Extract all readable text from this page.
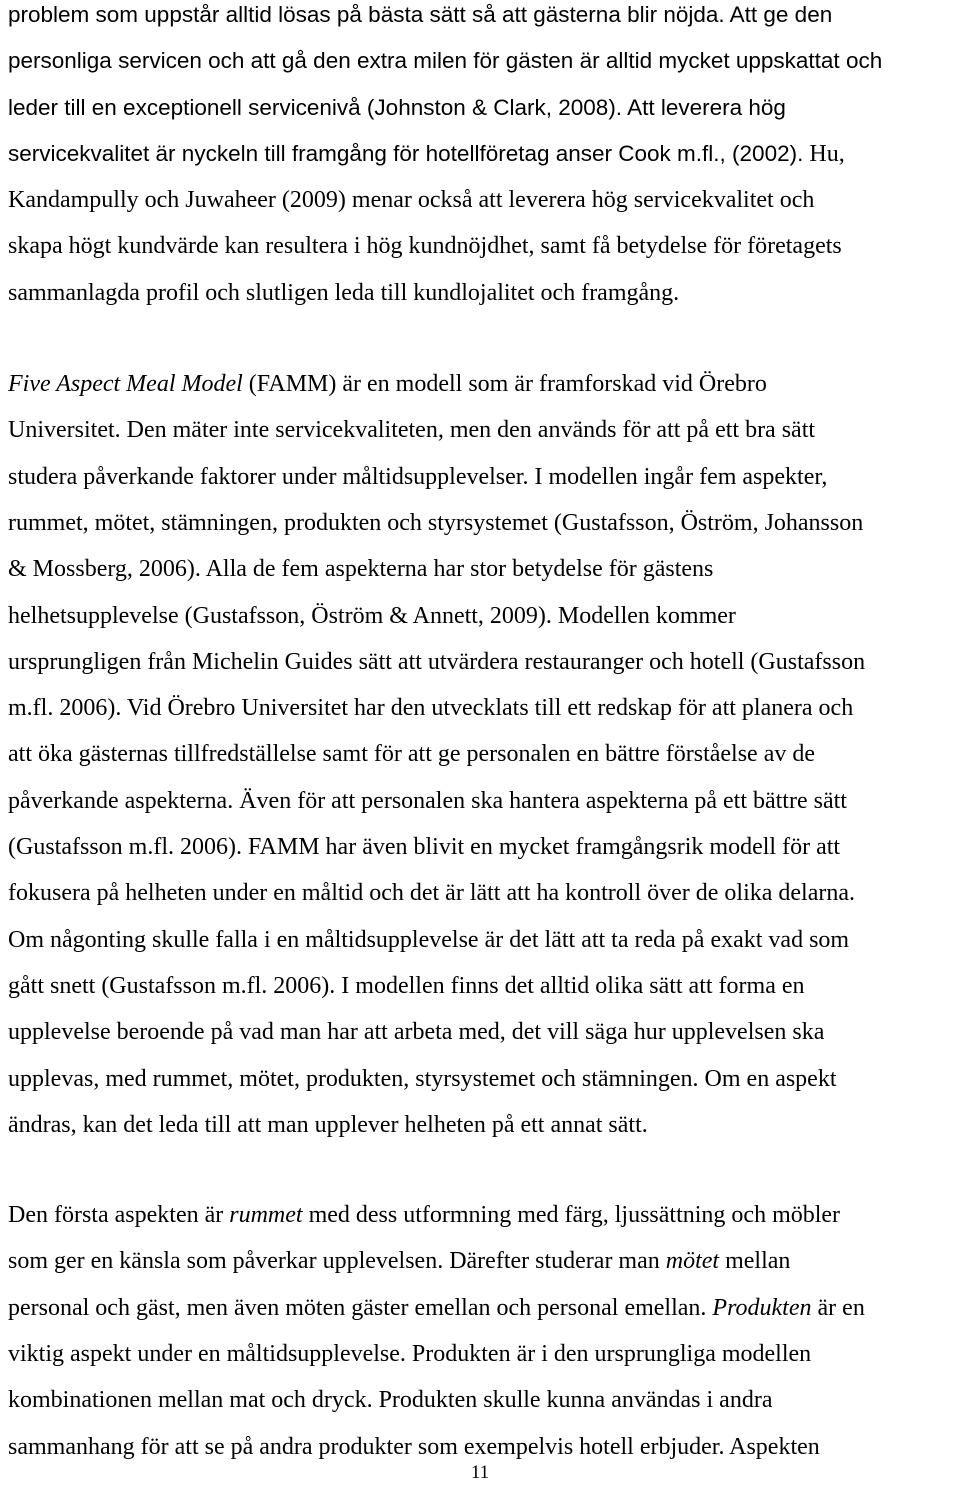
problem som uppstår alltid lösas på bästa sätt så att gästerna blir nöjda. Att ge den
personliga servicen och att gå den extra milen för gästen är alltid mycket uppskattat och
leder till en exceptionell servicenivå (Johnston & Clark, 2008). Att leverera hög
servicekvalitet är nyckeln till framgång för hotellföretag anser Cook m.fl., (2002). Hu,
Kandampully och Juwaheer (2009) menar också att leverera hög servicekvalitet och
skapa högt kundvärde kan resultera i hög kundnöjdhet, samt få betydelse för företagets
sammanlagda profil och slutligen leda till kundlojalitet och framgång.
Five Aspect Meal Model (FAMM) är en modell som är framforskad vid Örebro
Universitet. Den mäter inte servicekvaliteten, men den används för att på ett bra sätt
studera påverkande faktorer under måltidsupplevelser. I modellen ingår fem aspekter,
rummet, mötet, stämningen, produkten och styrsystemet (Gustafsson, Öström, Johansson
& Mossberg, 2006). Alla de fem aspekterna har stor betydelse för gästens
helhetsupplevelse (Gustafsson, Öström & Annett, 2009). Modellen kommer
ursprungligen från Michelin Guides sätt att utvärdera restauranger och hotell (Gustafsson
m.fl. 2006). Vid Örebro Universitet har den utvecklats till ett redskap för att planera och
att öka gästernas tillfredställelse samt för att ge personalen en bättre förståelse av de
påverkande aspekterna. Även för att personalen ska hantera aspekterna på ett bättre sätt
(Gustafsson m.fl. 2006). FAMM har även blivit en mycket framgångsrik modell för att
fokusera på helheten under en måltid och det är lätt att ha kontroll över de olika delarna.
Om någonting skulle falla i en måltidsupplevelse är det lätt att ta reda på exakt vad som
gått snett (Gustafsson m.fl. 2006). I modellen finns det alltid olika sätt att forma en
upplevelse beroende på vad man har att arbeta med, det vill säga hur upplevelsen ska
upplevas, med rummet, mötet, produkten, styrsystemet och stämningen. Om en aspekt
ändras, kan det leda till att man upplever helheten på ett annat sätt.
Den första aspekten är rummet med dess utformning med färg, ljussättning och möbler
som ger en känsla som påverkar upplevelsen. Därefter studerar man mötet mellan
personal och gäst, men även möten gäster emellan och personal emellan. Produkten är en
viktig aspekt under en måltidsupplevelse. Produkten är i den ursprungliga modellen
kombinationen mellan mat och dryck. Produkten skulle kunna användas i andra
sammanhang för att se på andra produkter som exempelvis hotell erbjuder. Aspekten
11
